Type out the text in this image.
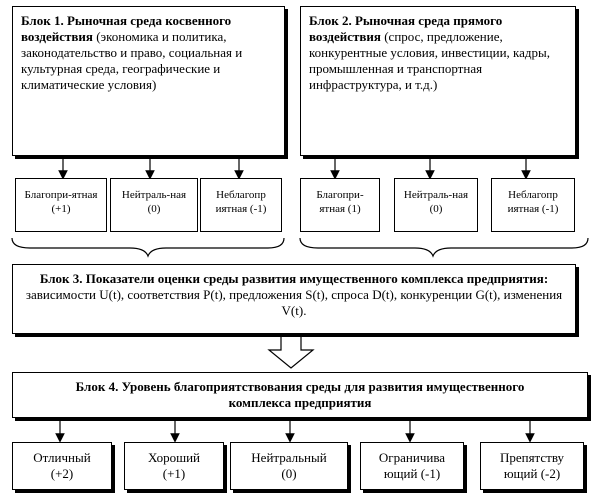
Блок 1. Рыночная среда косвенного воздействия (экономика и политика, законодательство и право, социальная и культурная среда, географические и климатические условия)
Блок 2. Рыночная среда прямого воздействия (спрос, предложение, конкурентные условия, инвестиции, кадры, промышленная и транспортная инфраструктура, и т.д.)
Благопри-ятная (+1)
Нейтраль-ная (0)
Неблагопр иятная (-1)
Благопри-ятная (1)
Нейтраль-ная (0)
Неблагопр иятная (-1)
Блок 3. Показатели оценки среды развития имущественного комплекса предприятия: зависимости U(t), соответствия P(t), предложения S(t), спроса D(t), конкуренции G(t), изменения V(t).
Блок 4. Уровень благоприятствования среды для развития имущественного комплекса предприятия
Отличный
(+2)
Хороший
(+1)
Нейтральный
(0)
Ограничива
ющий (-1)
Препятству
ющий (-2)
